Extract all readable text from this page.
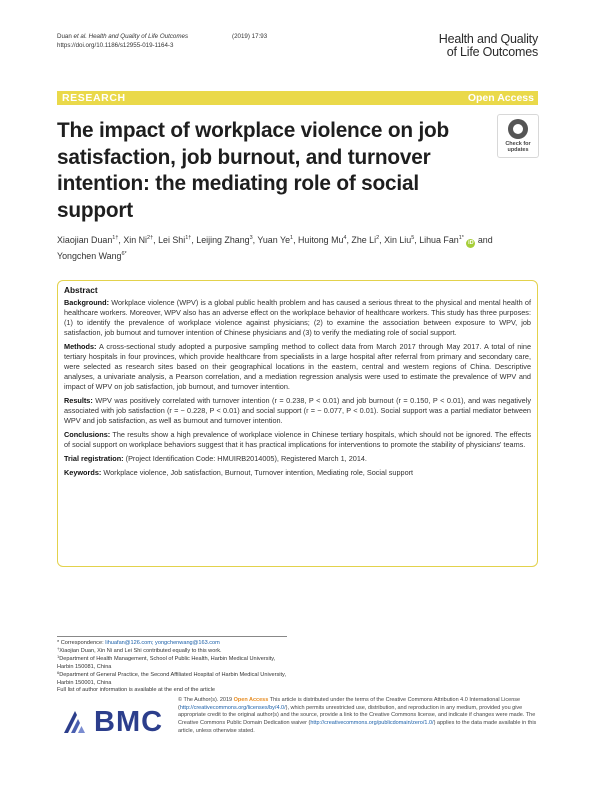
Duan et al. Health and Quality of Life Outcomes	(2019) 17:93
https://doi.org/10.1186/s12955-019-1164-3	Health and Quality
of Life Outcomes
RESEARCH	Open Access
The impact of workplace violence on job satisfaction, job burnout, and turnover intention: the mediating role of social support
Check for
updates
Xiaojian Duan$^{1\dagger}$, Xin $Ni^{2\dagger}$, Lei Shi$^{1\dagger}$, Leijing Zhang$^3$, Yuan Ye$^1$, Huitong Mu$^4$, Zhe Li$^2$, Xin Liu$^5$, Lihua Fan$^{1*}$ iD and
Yongchen Wang$^{6*}$
Abstract

Background: Workplace violence (WPV) is a global public health problem and has caused a serious threat to the physical and mental health of healthcare workers. Moreover, WPV also has an adverse effect on the workplace behavior of healthcare workers. This study has three purposes: (1) to identify the prevalence of workplace violence against physicians; (2) to examine the association between exposure to WPV, job satisfaction, job burnout and turnover intention of Chinese physicians and (3) to verify the mediating role of social support.

Methods: A cross-sectional study adopted a purposive sampling method to collect data from March 2017 through May 2017. A total of nine tertiary hospitals in four provinces, which provide healthcare from specialists in a large hospital after referral from primary and secondary care, were selected as research sites based on their geographical locations in the eastern, central and western regions of China. Descriptive analyses, a univariate analysis, a Pearson correlation, and a mediation regression analysis were used to estimate the prevalence of WPV and impact of WPV on job satisfaction, job burnout, and turnover intention.

Results: WPV was positively correlated with turnover intention (r = 0.238, P < 0.01) and job burnout (r = 0.150, P < 0.01), and was negatively associated with job satisfaction (r = − 0.228, P < 0.01) and social support (r = − 0.077, P < 0.01). Social support was a partial mediator between WPV and job satisfaction, as well as burnout and turnover intention.

Conclusions: The results show a high prevalence of workplace violence in Chinese tertiary hospitals, which should not be ignored. The effects of social support on workplace behaviors suggest that it has practical implications for interventions to promote the stability of physicians' teams.

Trial registration: (Project Identification Code: HMUIRB2014005), Registered March 1, 2014.

Keywords: Workplace violence, Job satisfaction, Burnout, Turnover intention, Mediating role, Social support

* Correspondence: lihuafan@126.com; yongchenwang@163.com
†Xiaojian Duan, Xin Ni and Lei Shi contributed equally to this work.
$^1$Department of Health Management, School of Public Health, Harbin Medical University, Harbin 150081, China
$^6$Department of General Practice, the Second Affiliated Hospital of Harbin Medical University, Harbin 150001, China
Full list of author information is available at the end of the article
BMC
© The Author(s). 2019 Open Access This article is distributed under the terms of the Creative Commons Attribution 4.0 International License (http://creativecommons.org/licenses/by/4.0/), which permits unrestricted use, distribution, and reproduction in any medium, provided you give appropriate credit to the original author(s) and the source, provide a link to the Creative Commons license, and indicate if changes were made. The Creative Commons Public Domain Dedication waiver (http://creativecommons.org/publicdomain/zero/1.0/) applies to the data made available in this article, unless otherwise stated.
